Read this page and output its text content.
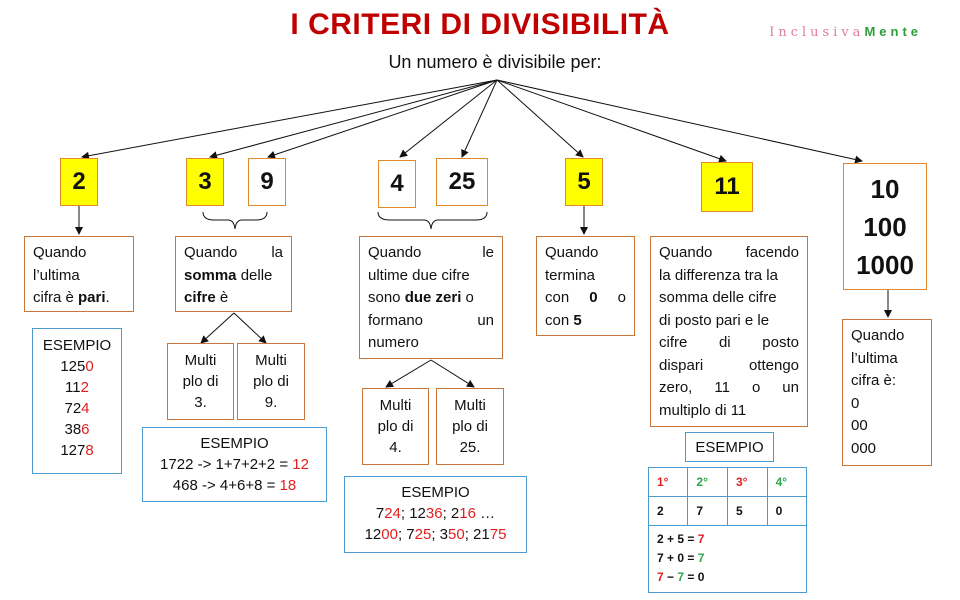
I CRITERI DI DIVISIBILITÀ	InclusivaMente
Un numero è divisibile per:
2	3	9	4	25	5	11	10
100
1000
Quando
l’ultima
cifra è pari.
Quando la
somma delle
cifre è
Quando	le
ultime due cifre
sono due zeri o
formano	un
numero
Quando
termina
con 0 o
con 5
Quando facendo
la differenza tra la
somma delle cifre
di posto pari e le
cifre di posto
dispari	ottengo
zero, 11 o un
multiplo di 11
Quando
l’ultima
cifra è:
0
00
000
Multi
plo di
3.
Multi
plo di
9.	Multi
plo di
4.
Multi
plo di
25.
ESEMPIO
1250
112
724
386
1278	ESEMPIO
1722 -> 1+7+2+2 = 12
468 -> 4+6+8 = 18	ESEMPIO
724; 1236; 216 …
1200; 725; 350; 2175
ESEMPIO
1°	2°	3°	4°
2	7	5	0
2 + 5 = 7
7 + 0 = 7
7 − 7 = 0
